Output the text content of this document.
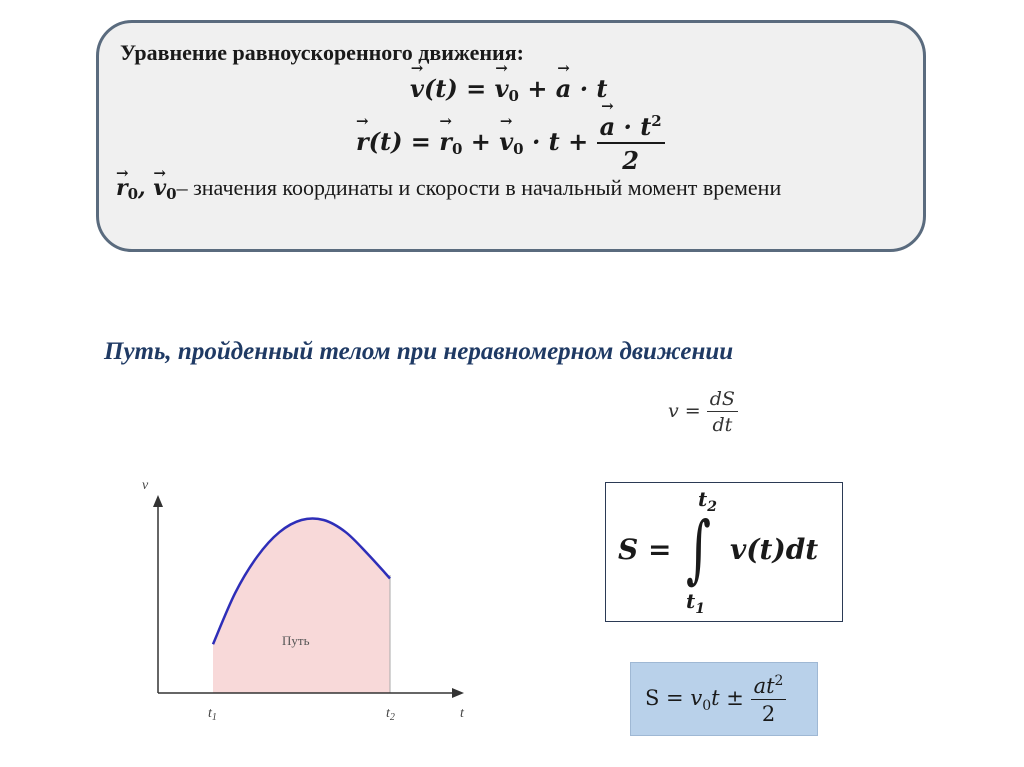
Уравнение равноускоренного движения:
→ v(t) = → $v_0$ + → a · t
→ r(t) = → $r_0$ + → $v_0 \cdot t$ +
→ $\frac{a \cdot t^2}{2}$
→ $r_0$, → $v_0-$ значения координаты и скорости в начальный момент времени
Путь, пройденный телом при неравномерном движении
$v = \frac{dS}{dt}$
S = ∫
$t_2$
$t_1$
v(t)dt
$S = v_0t \pm \frac{at^2}{2}$
v
t
Путь
$t_1$	$t_2$
